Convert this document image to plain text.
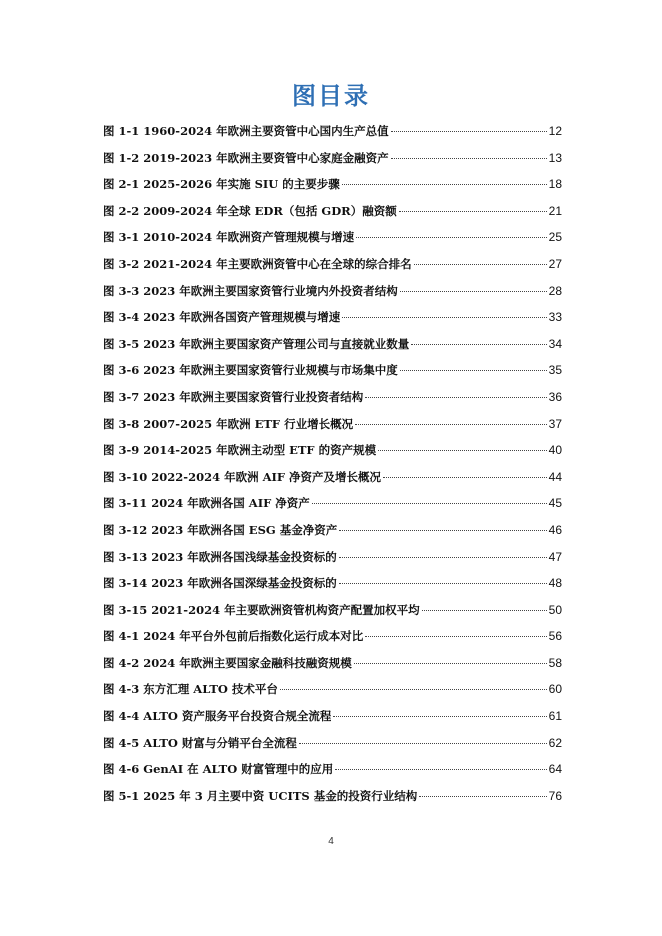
图目录
图 1-1 1960-2024 年欧洲主要资管中心国内生产总值	12
图 1-2 2019-2023 年欧洲主要资管中心家庭金融资产	13
图 2-1 2025-2026 年实施 SIU 的主要步骤	18
图 2-2 2009-2024 年全球 EDR（包括 GDR）融资额	21
图 3-1 2010-2024 年欧洲资产管理规模与增速	25
图 3-2 2021-2024 年主要欧洲资管中心在全球的综合排名	27
图 3-3 2023 年欧洲主要国家资管行业境内外投资者结构	28
图 3-4 2023 年欧洲各国资产管理规模与增速	33
图 3-5 2023 年欧洲主要国家资产管理公司与直接就业数量	34
图 3-6 2023 年欧洲主要国家资管行业规模与市场集中度	35
图 3-7 2023 年欧洲主要国家资管行业投资者结构	36
图 3-8 2007-2025 年欧洲 ETF 行业增长概况	37
图 3-9 2014-2025 年欧洲主动型 ETF 的资产规模	40
图 3-10 2022-2024 年欧洲 AIF 净资产及增长概况	44
图 3-11 2024 年欧洲各国 AIF 净资产	45
图 3-12 2023 年欧洲各国 ESG 基金净资产	46
图 3-13 2023 年欧洲各国浅绿基金投资标的	47
图 3-14 2023 年欧洲各国深绿基金投资标的	48
图 3-15 2021-2024 年主要欧洲资管机构资产配置加权平均	50
图 4-1 2024 年平台外包前后指数化运行成本对比	56
图 4-2 2024 年欧洲主要国家金融科技融资规模	58
图 4-3 东方汇理 ALTO 技术平台	60
图 4-4 ALTO 资产服务平台投资合规全流程	61
图 4-5 ALTO 财富与分销平台全流程	62
图 4-6 GenAI 在 ALTO 财富管理中的应用	64
图 5-1 2025 年 3 月主要中资 UCITS 基金的投资行业结构	76
4
